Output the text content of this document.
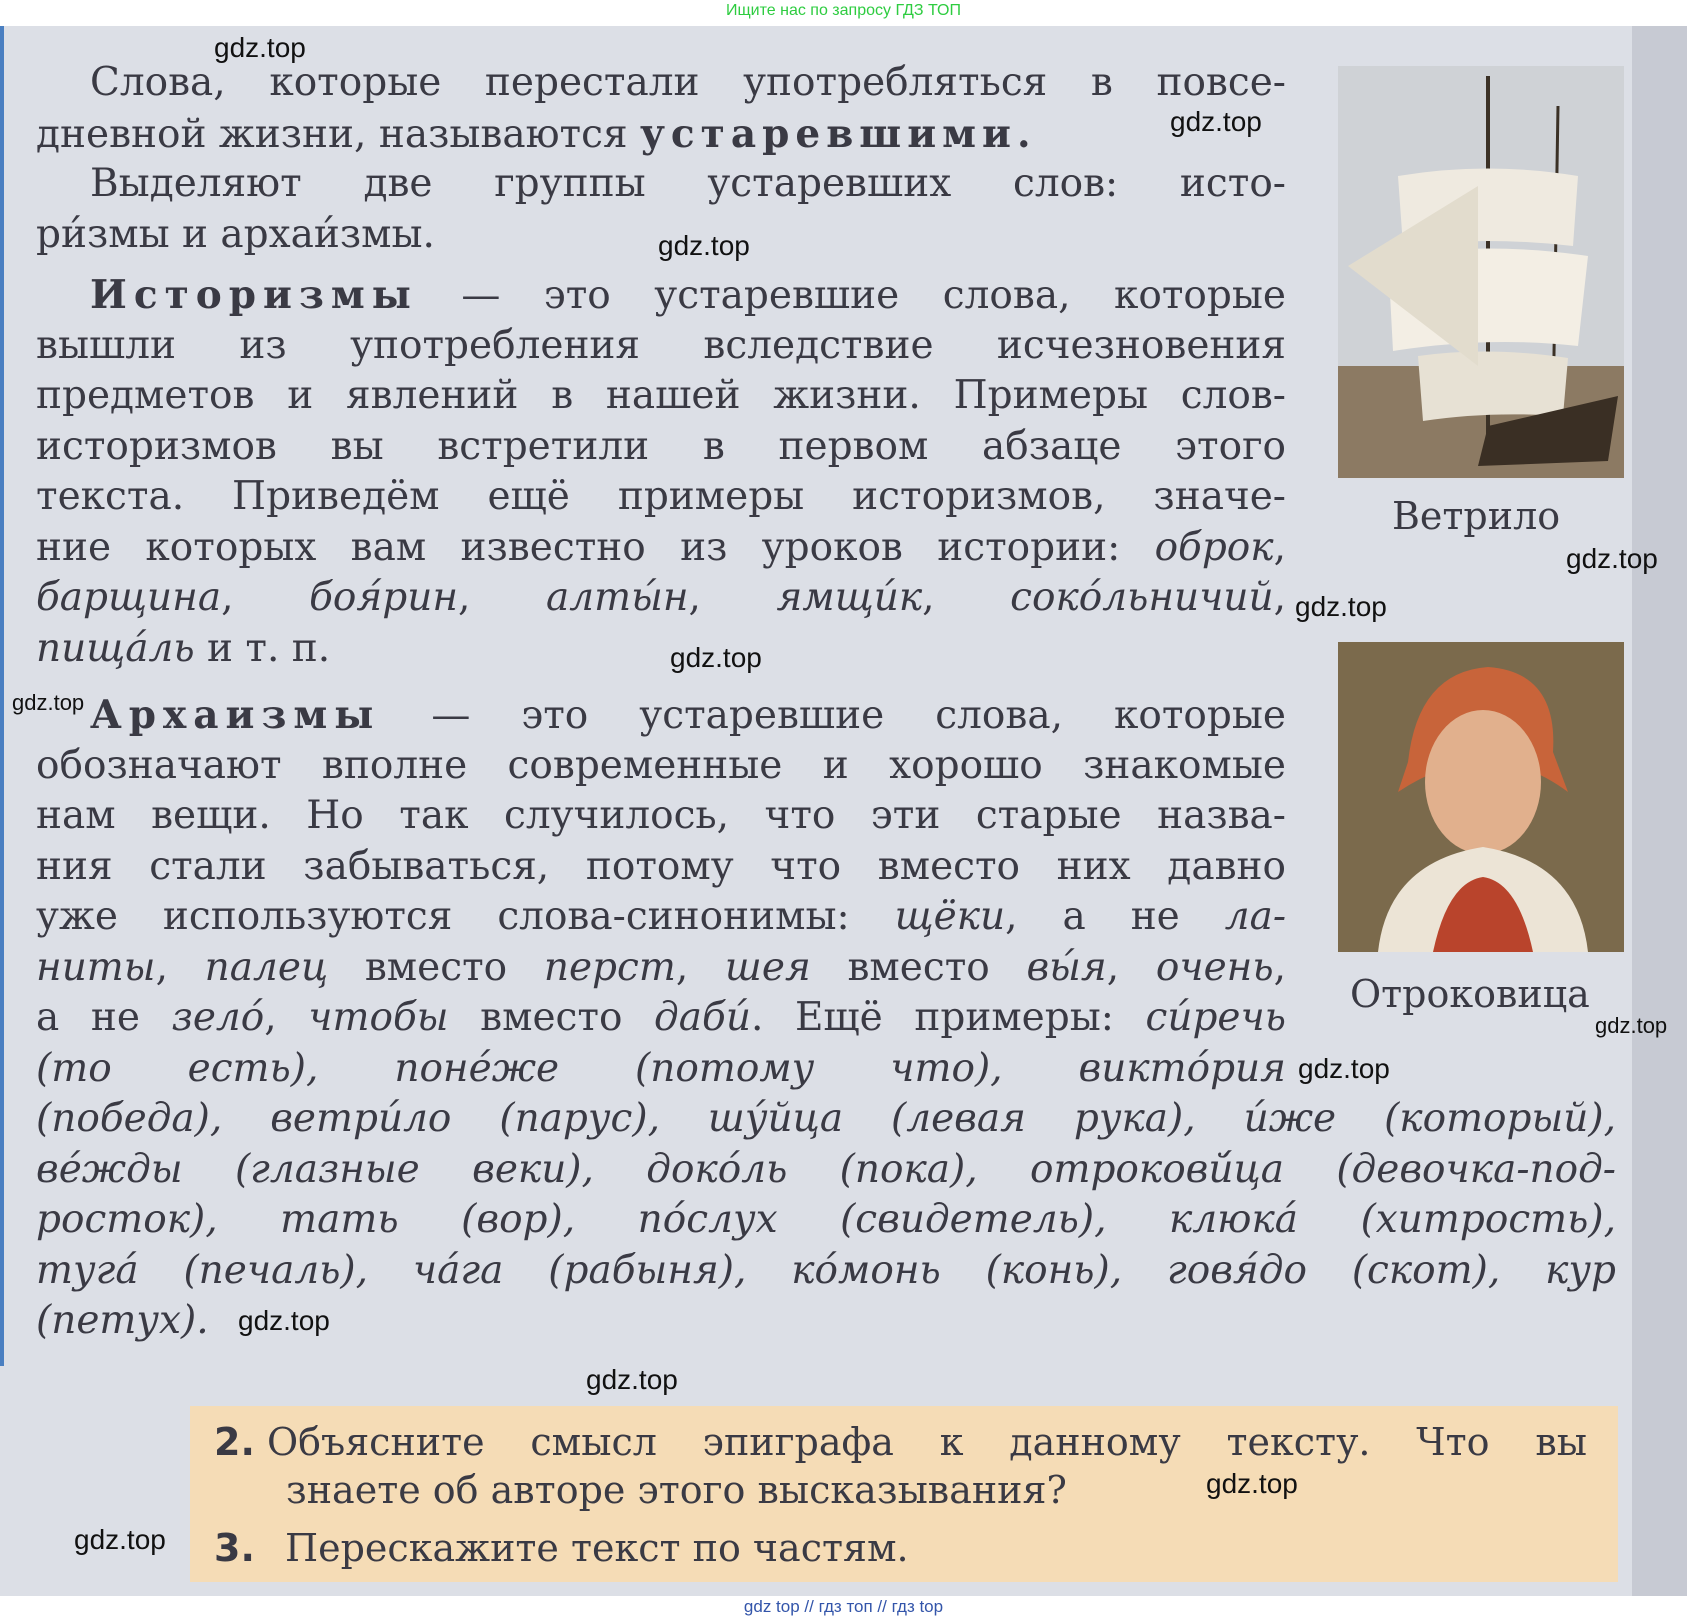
Ищите нас по запросу ГДЗ ТОП
Слова, которые перестали употребляться в повсе-
дневной жизни, называются устаревшими.
Выделяют две группы устаревших слов: исто-
ри́змы и архаи́змы.
Историзмы — это устаревшие слова, которые
вышли из употребления вследствие исчезновения
предметов и явлений в нашей жизни. Примеры слов-
историзмов вы встретили в первом абзаце этого
текста. Приведём ещё примеры историзмов, значе-
ние которых вам известно из уроков истории: оброк,
барщина, боя́рин, алты́н, ямщи́к, соко́льничий,
пища́ль и т. п.
Архаизмы — это устаревшие слова, которые
обозначают вполне современные и хорошо знакомые
нам вещи. Но так случилось, что эти старые назва-
ния стали забываться, потому что вместо них давно
уже используются слова-синонимы: щёки, а не ла-
ниты, палец вместо перст, шея вместо вы́я, очень,
а не зело́, чтобы вместо даби́. Ещё примеры: си́речь
(то есть), поне́же (потому что), викто́рия
(победа), ветри́ло (парус), шу́йца (левая рука), и́же (который),
ве́жды (глазные веки), доко́ль (пока), отроковй́ца (девочка-под-
росток), тать (вор), по́слух (свидетель), клюка́ (хитрость),
туга́ (печаль), ча́га (рабыня), ко́монь (конь), говя́до (скот), кур
(петух).
Ветрило
Отроковица
2. Объясните смысл эпиграфа к данному тексту. Что вы
знаете об авторе этого высказывания?
3. Перескажите текст по частям.
gdz.top
gdz.top
gdz.top
gdz.top
gdz.top
gdz.top
gdz.top
gdz.top
gdz.top
gdz.top
gdz.top
gdz.top
gdz.top
gdz top // гдз топ // гдз top
